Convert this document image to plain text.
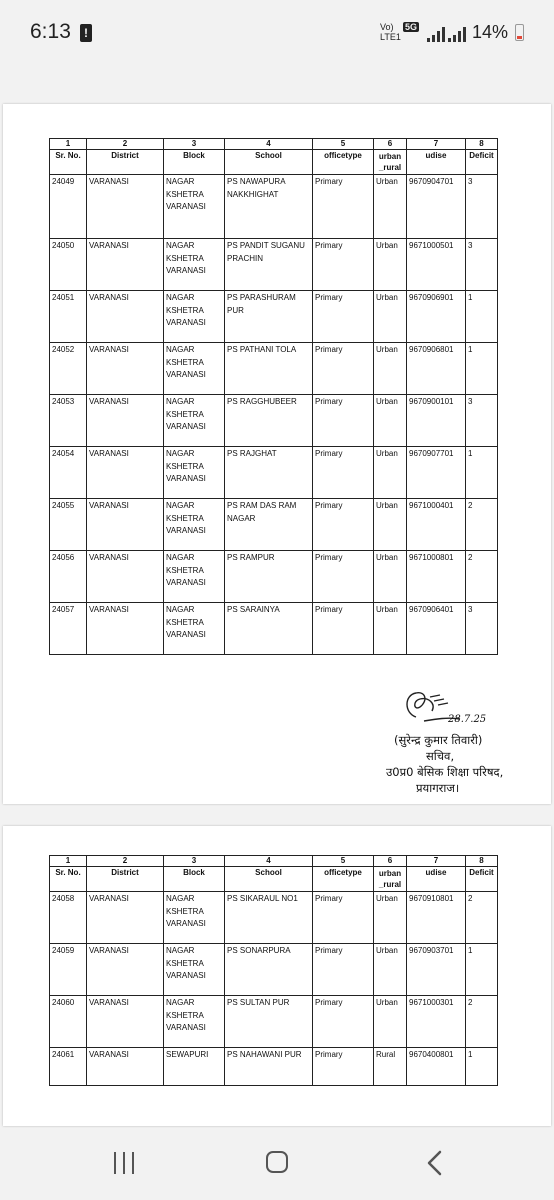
6:13	!	Vo)
LTE1
5G	14%
1	2	3	4	5	6	7	8
Sr. No.	District	Block	School	officetype	urban _rural	udise	Deficit

24049	VARANASI	NAGAR KSHETRA VARANASI	PS NAWAPURA NAKKHIGHAT	Primary	Urban	9670904701	3

24050	VARANASI	NAGAR KSHETRA VARANASI	PS PANDIT SUGANU PRACHIN	Primary	Urban	9671000501	3

24051	VARANASI	NAGAR KSHETRA VARANASI	PS PARASHURAM PUR	Primary	Urban	9670906901	1

24052	VARANASI	NAGAR KSHETRA VARANASI	PS PATHANI TOLA	Primary	Urban	9670906801	1

24053	VARANASI	NAGAR KSHETRA VARANASI	PS RAGGHUBEER	Primary	Urban	9670900101	3

24054	VARANASI	NAGAR KSHETRA VARANASI	PS RAJGHAT	Primary	Urban	9670907701	1

24055	VARANASI	NAGAR KSHETRA VARANASI	PS RAM DAS RAM NAGAR	Primary	Urban	9671000401	2

24056	VARANASI	NAGAR KSHETRA VARANASI	PS RAMPUR	Primary	Urban	9671000801	2

24057	VARANASI	NAGAR KSHETRA VARANASI	PS SARAINYA	Primary	Urban	9670906401	3
28.7.25
(सुरेन्द्र कुमार तिवारी)
सचिव,
उ0प्र0 बेसिक शिक्षा परिषद,
प्रयागराज।
1	2	3	4	5	6	7	8
Sr. No.	District	Block	School	officetype	urban _rural	udise	Deficit

24058	VARANASI	NAGAR KSHETRA VARANASI	PS SIKARAUL NO1	Primary	Urban	9670910801	2

24059	VARANASI	NAGAR KSHETRA VARANASI	PS SONARPURA	Primary	Urban	9670903701	1

24060	VARANASI	NAGAR KSHETRA VARANASI	PS SULTAN PUR	Primary	Urban	9671000301	2

24061	VARANASI	SEWAPURI	PS NAHAWANI PUR	Primary	Rural	9670400801	1
